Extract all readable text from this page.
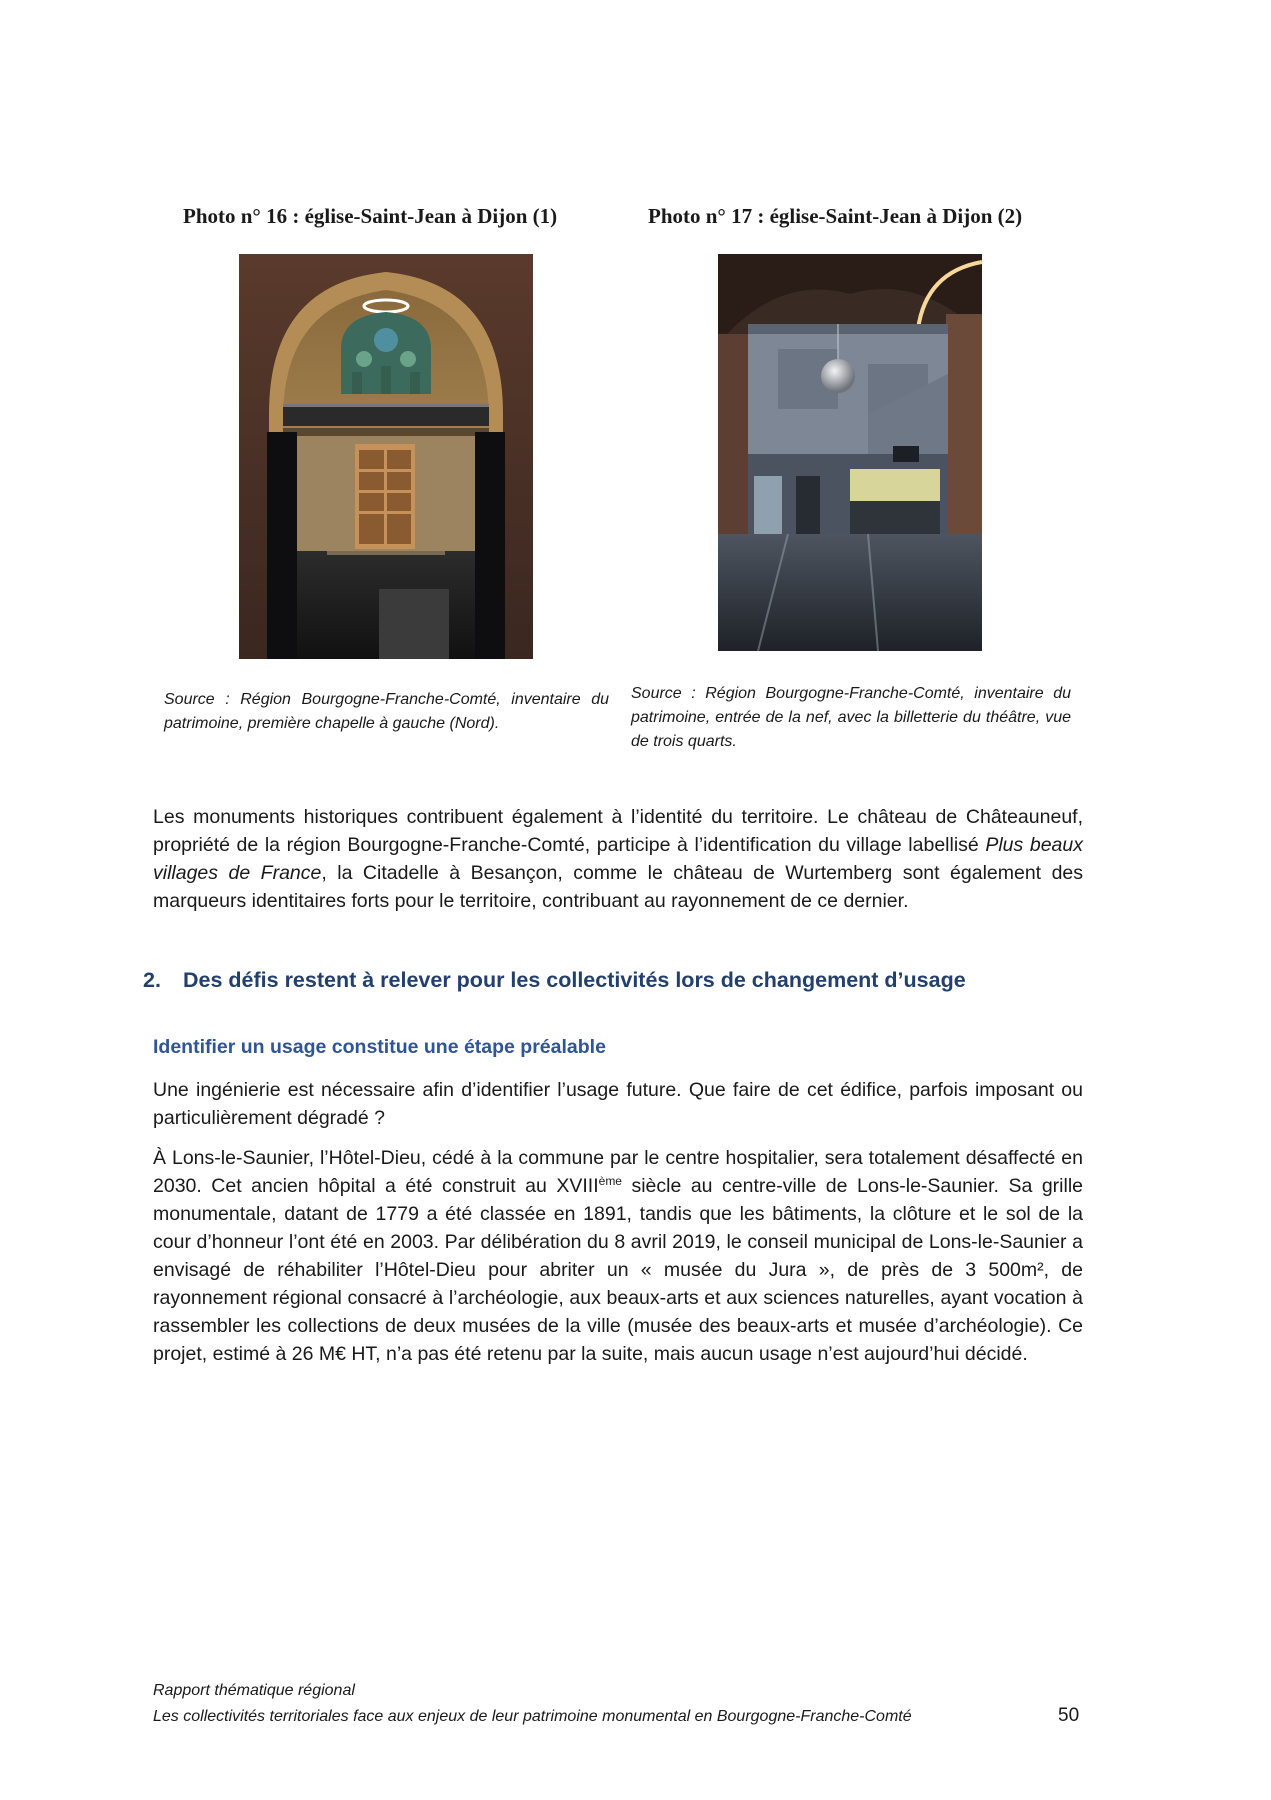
Photo n° 16 : église-Saint-Jean à Dijon (1)	Photo n° 17 : église-Saint-Jean à Dijon (2)
Source : Région Bourgogne-Franche-Comté, inventaire du patrimoine, première chapelle à gauche (Nord).
Source : Région Bourgogne-Franche-Comté, inventaire du patrimoine, entrée de la nef, avec la billetterie du théâtre, vue de trois quarts.

Les monuments historiques contribuent également à l’identité du territoire. Le château de Châteauneuf, propriété de la région Bourgogne-Franche-Comté, participe à l’identification du village labellisé Plus beaux villages de France, la Citadelle à Besançon, comme le château de Wurtemberg sont également des marqueurs identitaires forts pour le territoire, contribuant au rayonnement de ce dernier.

2. Des défis restent à relever pour les collectivités lors de changement d’usage
Identifier un usage constitue une étape préalable

Une ingénierie est nécessaire afin d’identifier l’usage future. Que faire de cet édifice, parfois imposant ou particulièrement dégradé ?

À Lons-le-Saunier, l’Hôtel-Dieu, cédé à la commune par le centre hospitalier, sera totalement désaffecté en 2030. Cet ancien hôpital a été construit au XVIIIème siècle au centre-ville de Lons-le-Saunier. Sa grille monumentale, datant de 1779 a été classée en 1891, tandis que les bâtiments, la clôture et le sol de la cour d’honneur l’ont été en 2003. Par délibération du 8 avril 2019, le conseil municipal de Lons-le-Saunier a envisagé de réhabiliter l’Hôtel-Dieu pour abriter un « musée du Jura », de près de 3 500m², de rayonnement régional consacré à l’archéologie, aux beaux-arts et aux sciences naturelles, ayant vocation à rassembler les collections de deux musées de la ville (musée des beaux-arts et musée d’archéologie). Ce projet, estimé à 26 M€ HT, n’a pas été retenu par la suite, mais aucun usage n’est aujourd’hui décidé.

Rapport thématique régional
Les collectivités territoriales face aux enjeux de leur patrimoine monumental en Bourgogne-Franche-Comté	50
